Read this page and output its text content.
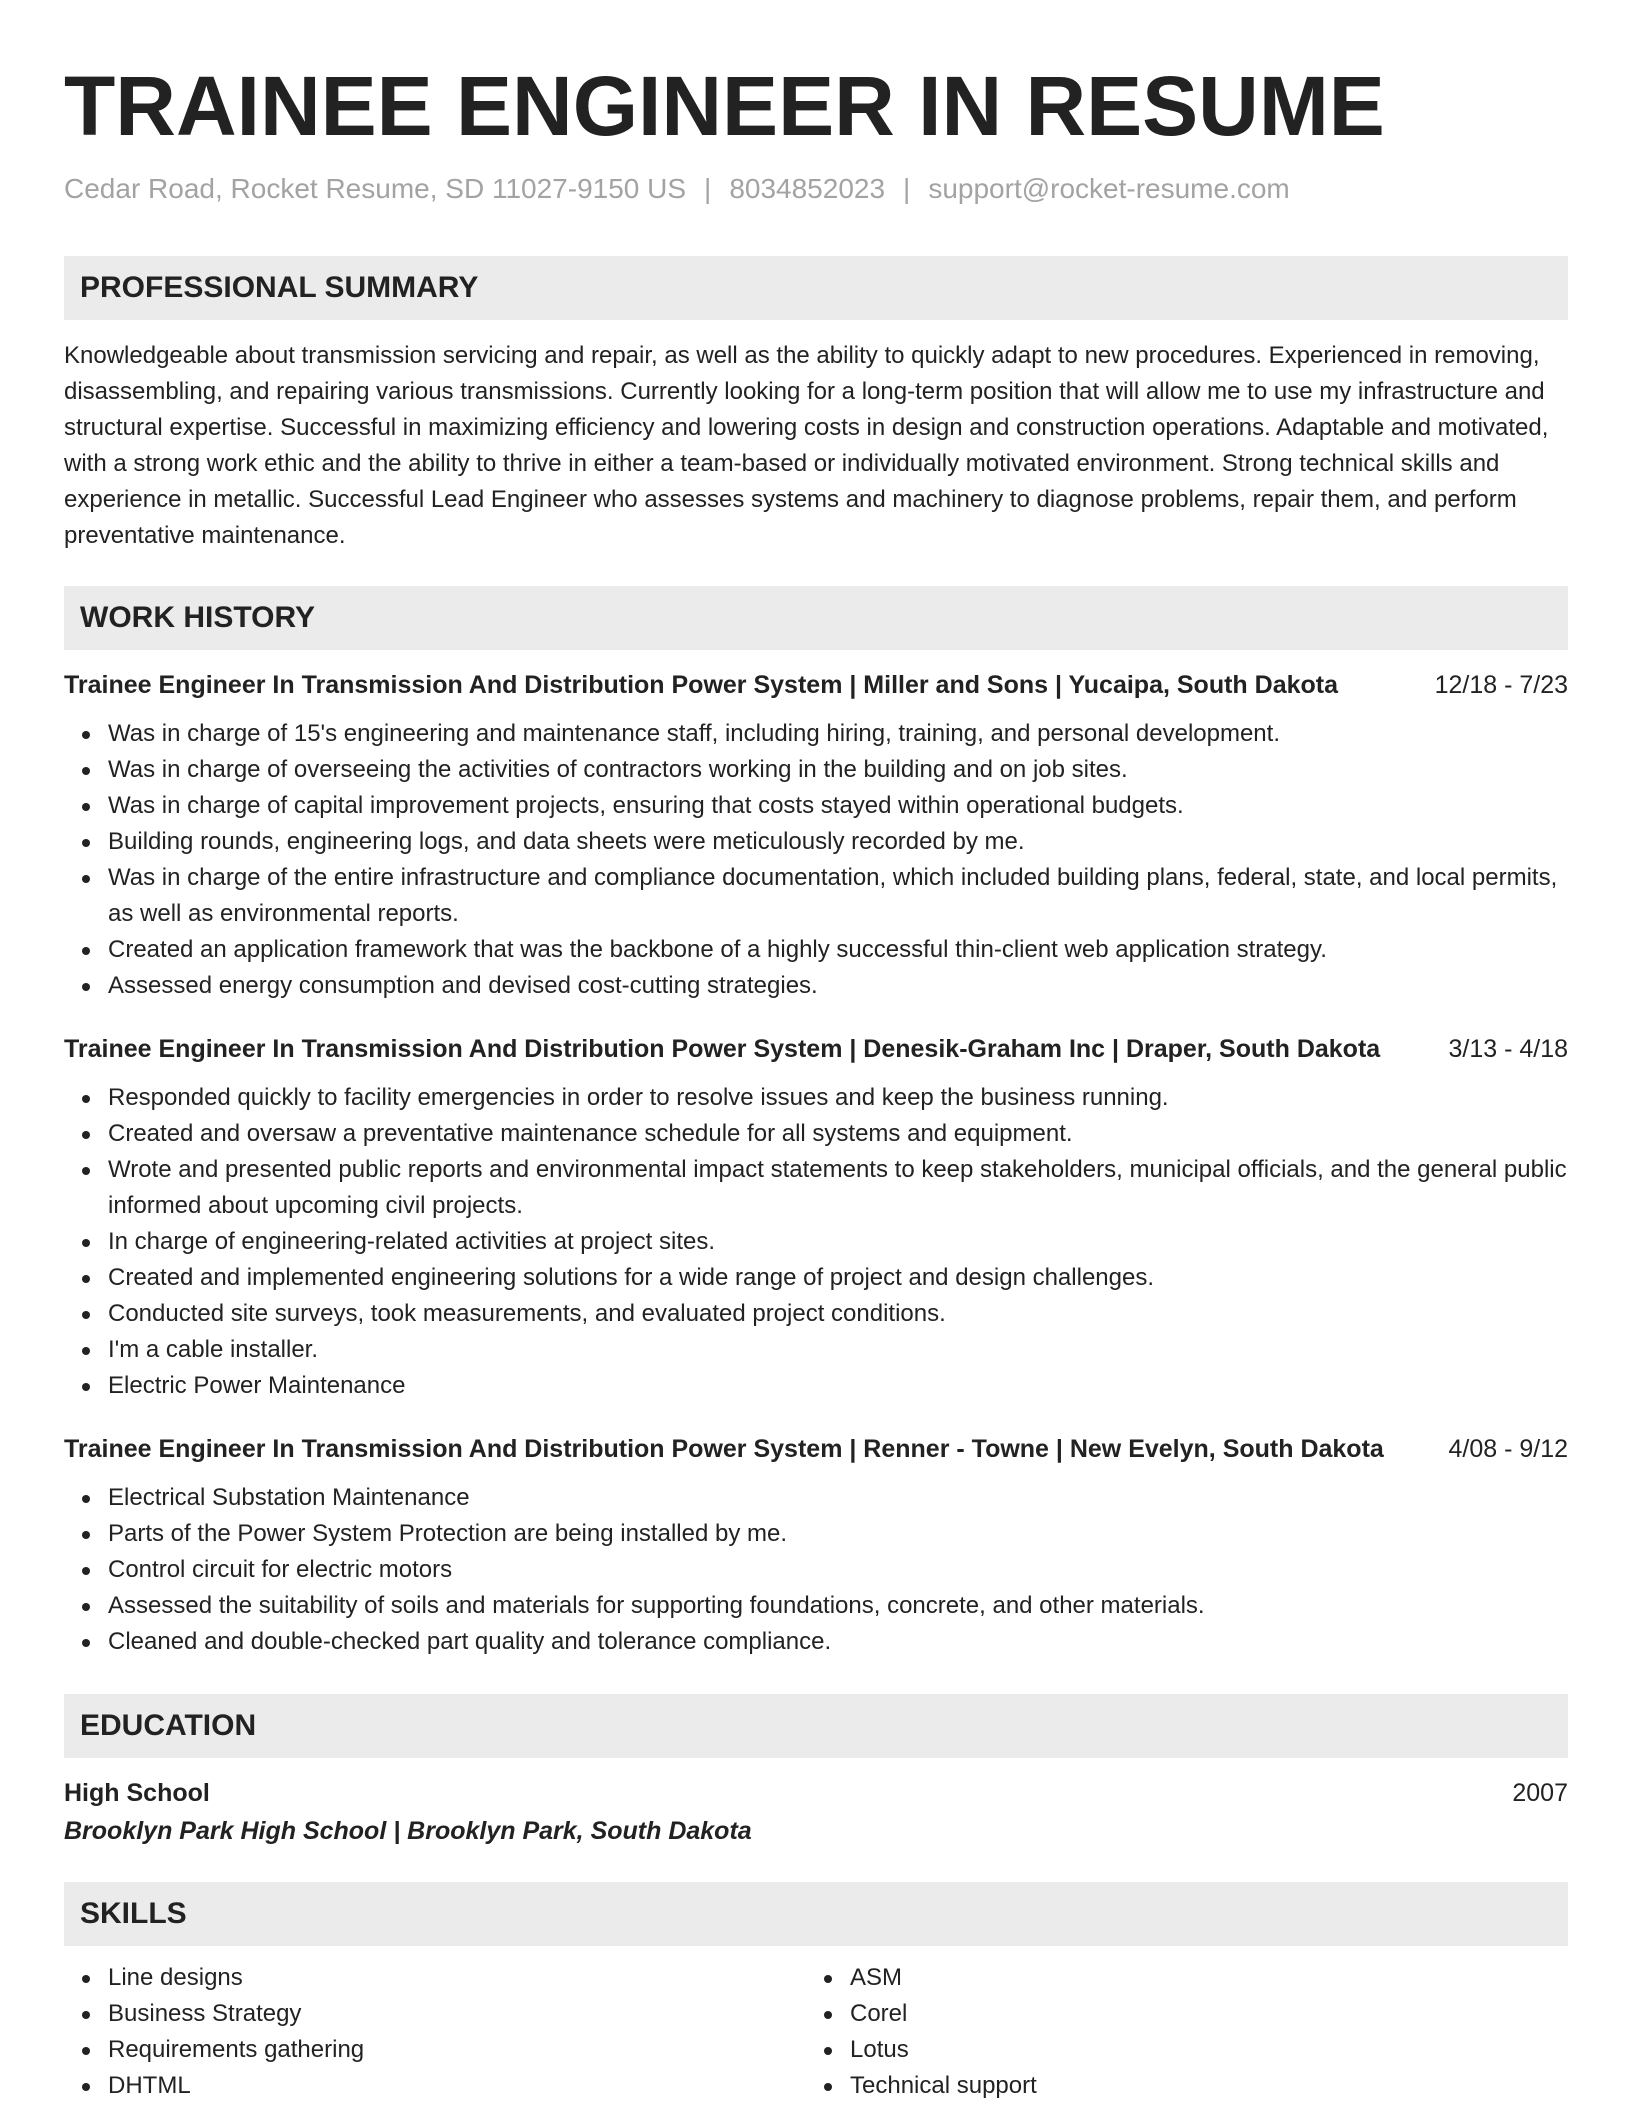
TRAINEE ENGINEER IN RESUME
Cedar Road, Rocket Resume, SD 11027-9150 US | 8034852023 | support@rocket-resume.com
PROFESSIONAL SUMMARY
Knowledgeable about transmission servicing and repair, as well as the ability to quickly adapt to new procedures. Experienced in removing, disassembling, and repairing various transmissions. Currently looking for a long-term position that will allow me to use my infrastructure and structural expertise. Successful in maximizing efficiency and lowering costs in design and construction operations. Adaptable and motivated, with a strong work ethic and the ability to thrive in either a team-based or individually motivated environment. Strong technical skills and experience in metallic. Successful Lead Engineer who assesses systems and machinery to diagnose problems, repair them, and perform preventative maintenance.
WORK HISTORY
Trainee Engineer In Transmission And Distribution Power System | Miller and Sons | Yucaipa, South Dakota	12/18 - 7/23
Was in charge of 15's engineering and maintenance staff, including hiring, training, and personal development.
Was in charge of overseeing the activities of contractors working in the building and on job sites.
Was in charge of capital improvement projects, ensuring that costs stayed within operational budgets.
Building rounds, engineering logs, and data sheets were meticulously recorded by me.
Was in charge of the entire infrastructure and compliance documentation, which included building plans, federal, state, and local permits, as well as environmental reports.
Created an application framework that was the backbone of a highly successful thin-client web application strategy.
Assessed energy consumption and devised cost-cutting strategies.
Trainee Engineer In Transmission And Distribution Power System | Denesik-Graham Inc | Draper, South Dakota	3/13 - 4/18
Responded quickly to facility emergencies in order to resolve issues and keep the business running.
Created and oversaw a preventative maintenance schedule for all systems and equipment.
Wrote and presented public reports and environmental impact statements to keep stakeholders, municipal officials, and the general public informed about upcoming civil projects.
In charge of engineering-related activities at project sites.
Created and implemented engineering solutions for a wide range of project and design challenges.
Conducted site surveys, took measurements, and evaluated project conditions.
I'm a cable installer.
Electric Power Maintenance
Trainee Engineer In Transmission And Distribution Power System | Renner - Towne | New Evelyn, South Dakota	4/08 - 9/12
Electrical Substation Maintenance
Parts of the Power System Protection are being installed by me.
Control circuit for electric motors
Assessed the suitability of soils and materials for supporting foundations, concrete, and other materials.
Cleaned and double-checked part quality and tolerance compliance.
EDUCATION
High School	2007
Brooklyn Park High School | Brooklyn Park, South Dakota
SKILLS
Line designs
Business Strategy
Requirements gathering
DHTML
ASM
Corel
Lotus
Technical support
